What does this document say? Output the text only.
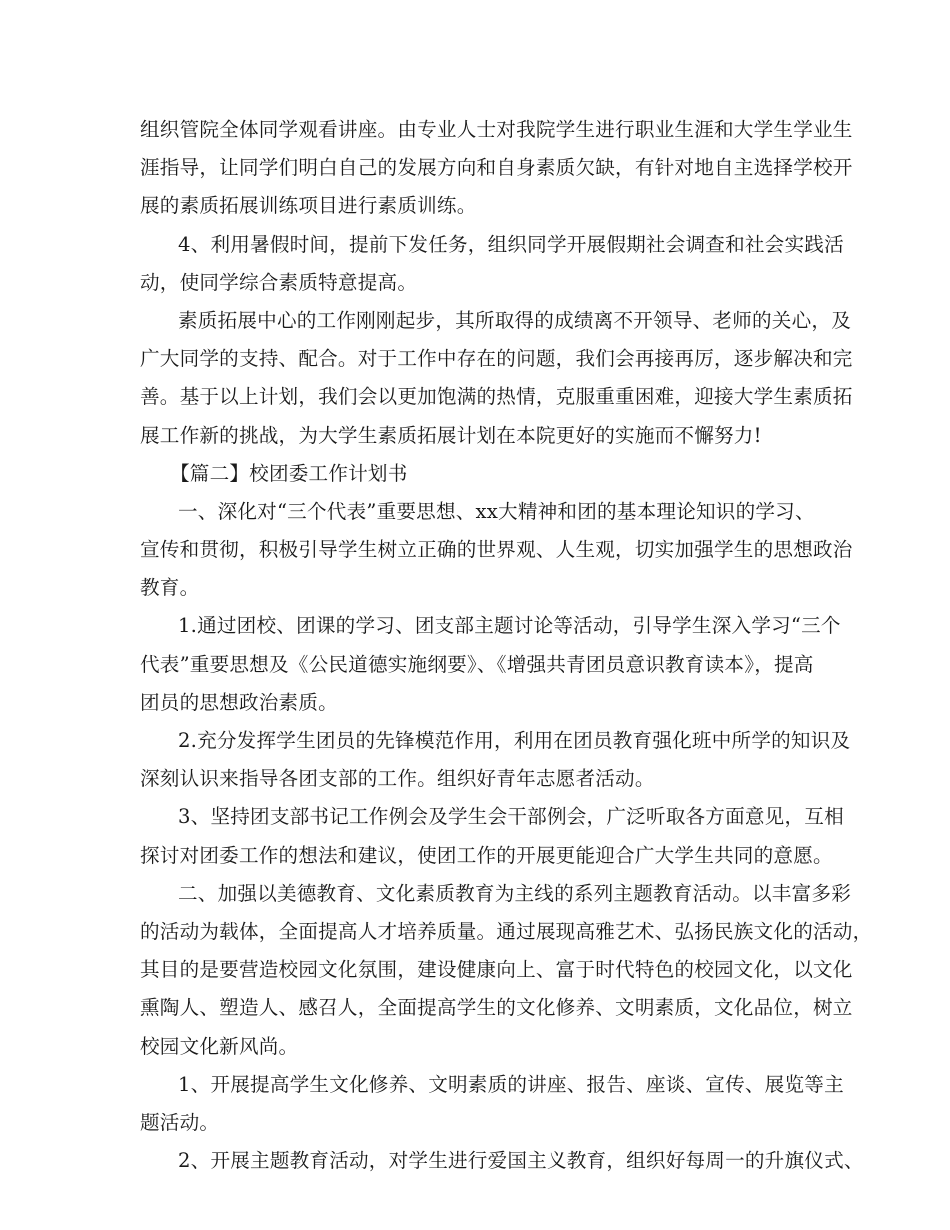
组织管院全体同学观看讲座。由专业人士对我院学生进行职业生涯和大学生学业生
涯指导，让同学们明白自己的发展方向和自身素质欠缺，有针对地自主选择学校开
展的素质拓展训练项目进行素质训练。
4、利用暑假时间，提前下发任务，组织同学开展假期社会调查和社会实践活
动，使同学综合素质特意提高。
素质拓展中心的工作刚刚起步，其所取得的成绩离不开领导、老师的关心，及
广大同学的支持、配合。对于工作中存在的问题，我们会再接再厉，逐步解决和完
善。基于以上计划，我们会以更加饱满的热情，克服重重困难，迎接大学生素质拓
展工作新的挑战，为大学生素质拓展计划在本院更好的实施而不懈努力!
【篇二】校团委工作计划书
一、深化对“三个代表”重要思想、xx大精神和团的基本理论知识的学习、
宣传和贯彻，积极引导学生树立正确的世界观、人生观，切实加强学生的思想政治
教育。
1.通过团校、团课的学习、团支部主题讨论等活动，引导学生深入学习“三个
代表”重要思想及《公民道德实施纲要》、《增强共青团员意识教育读本》，提高
团员的思想政治素质。
2.充分发挥学生团员的先锋模范作用，利用在团员教育强化班中所学的知识及
深刻认识来指导各团支部的工作。组织好青年志愿者活动。
3、坚持团支部书记工作例会及学生会干部例会，广泛听取各方面意见，互相
探讨对团委工作的想法和建议，使团工作的开展更能迎合广大学生共同的意愿。
二、加强以美德教育、文化素质教育为主线的系列主题教育活动。以丰富多彩
的活动为载体，全面提高人才培养质量。通过展现高雅艺术、弘扬民族文化的活动，
其目的是要营造校园文化氛围，建设健康向上、富于时代特色的校园文化，以文化
熏陶人、塑造人、感召人，全面提高学生的文化修养、文明素质，文化品位，树立
校园文化新风尚。
1、开展提高学生文化修养、文明素质的讲座、报告、座谈、宣传、展览等主
题活动。
2、开展主题教育活动，对学生进行爱国主义教育，组织好每周一的升旗仪式、
